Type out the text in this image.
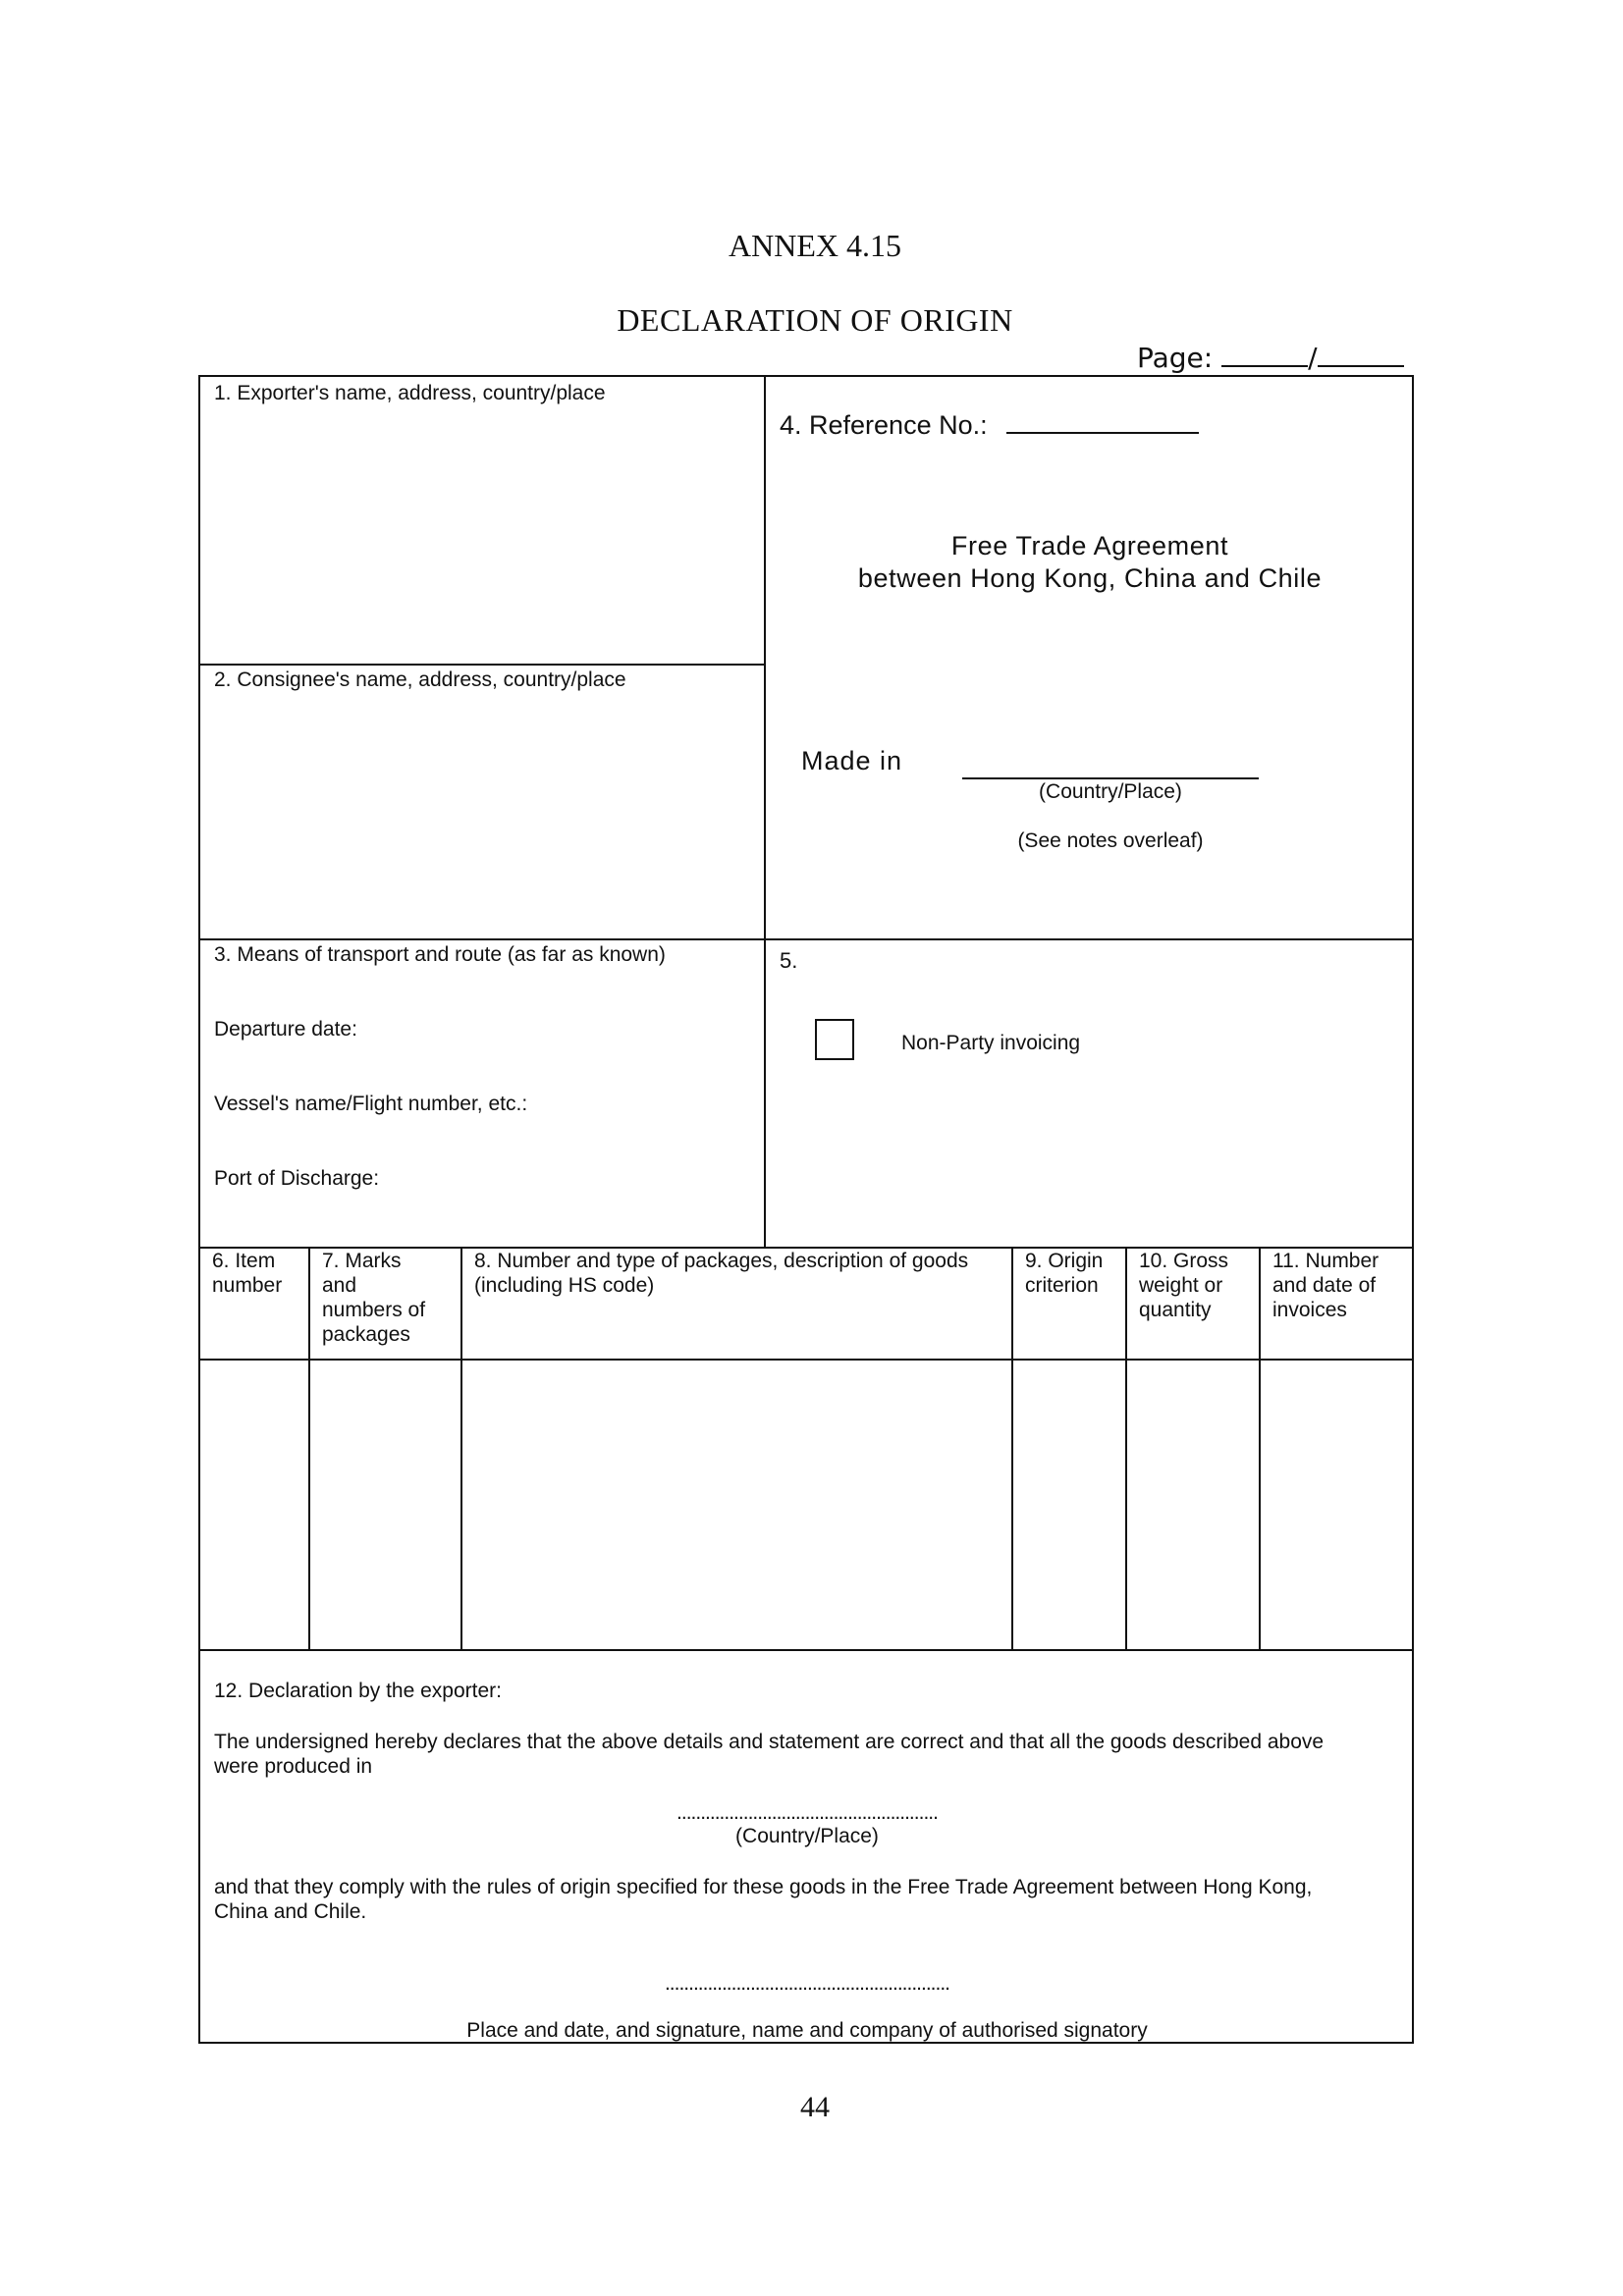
ANNEX 4.15
DECLARATION OF ORIGIN
Page:	/
1. Exporter's name, address, country/place
2. Consignee's name, address, country/place
4. Reference No.:
Free Trade Agreement
between Hong Kong, China and Chile
Made in
(Country/Place)
(See notes overleaf)
3. Means of transport and route (as far as known)
Departure date:
Vessel's name/Flight number, etc.:
Port of Discharge:
5.
Non-Party invoicing
6. Item
number
7. Marks
and
numbers of
packages
8. Number and type of packages, description of goods
(including HS code)
9. Origin
criterion
10. Gross
weight or
quantity
11. Number
and date of
invoices
12. Declaration by the exporter:
The undersigned hereby declares that the above details and statement are correct and that all the goods described above
were produced in
.......................................................
(Country/Place)
and that they comply with the rules of origin specified for these goods in the Free Trade Agreement between Hong Kong,
China and Chile.
............................................................
Place and date, and signature, name and company of authorised signatory
44
